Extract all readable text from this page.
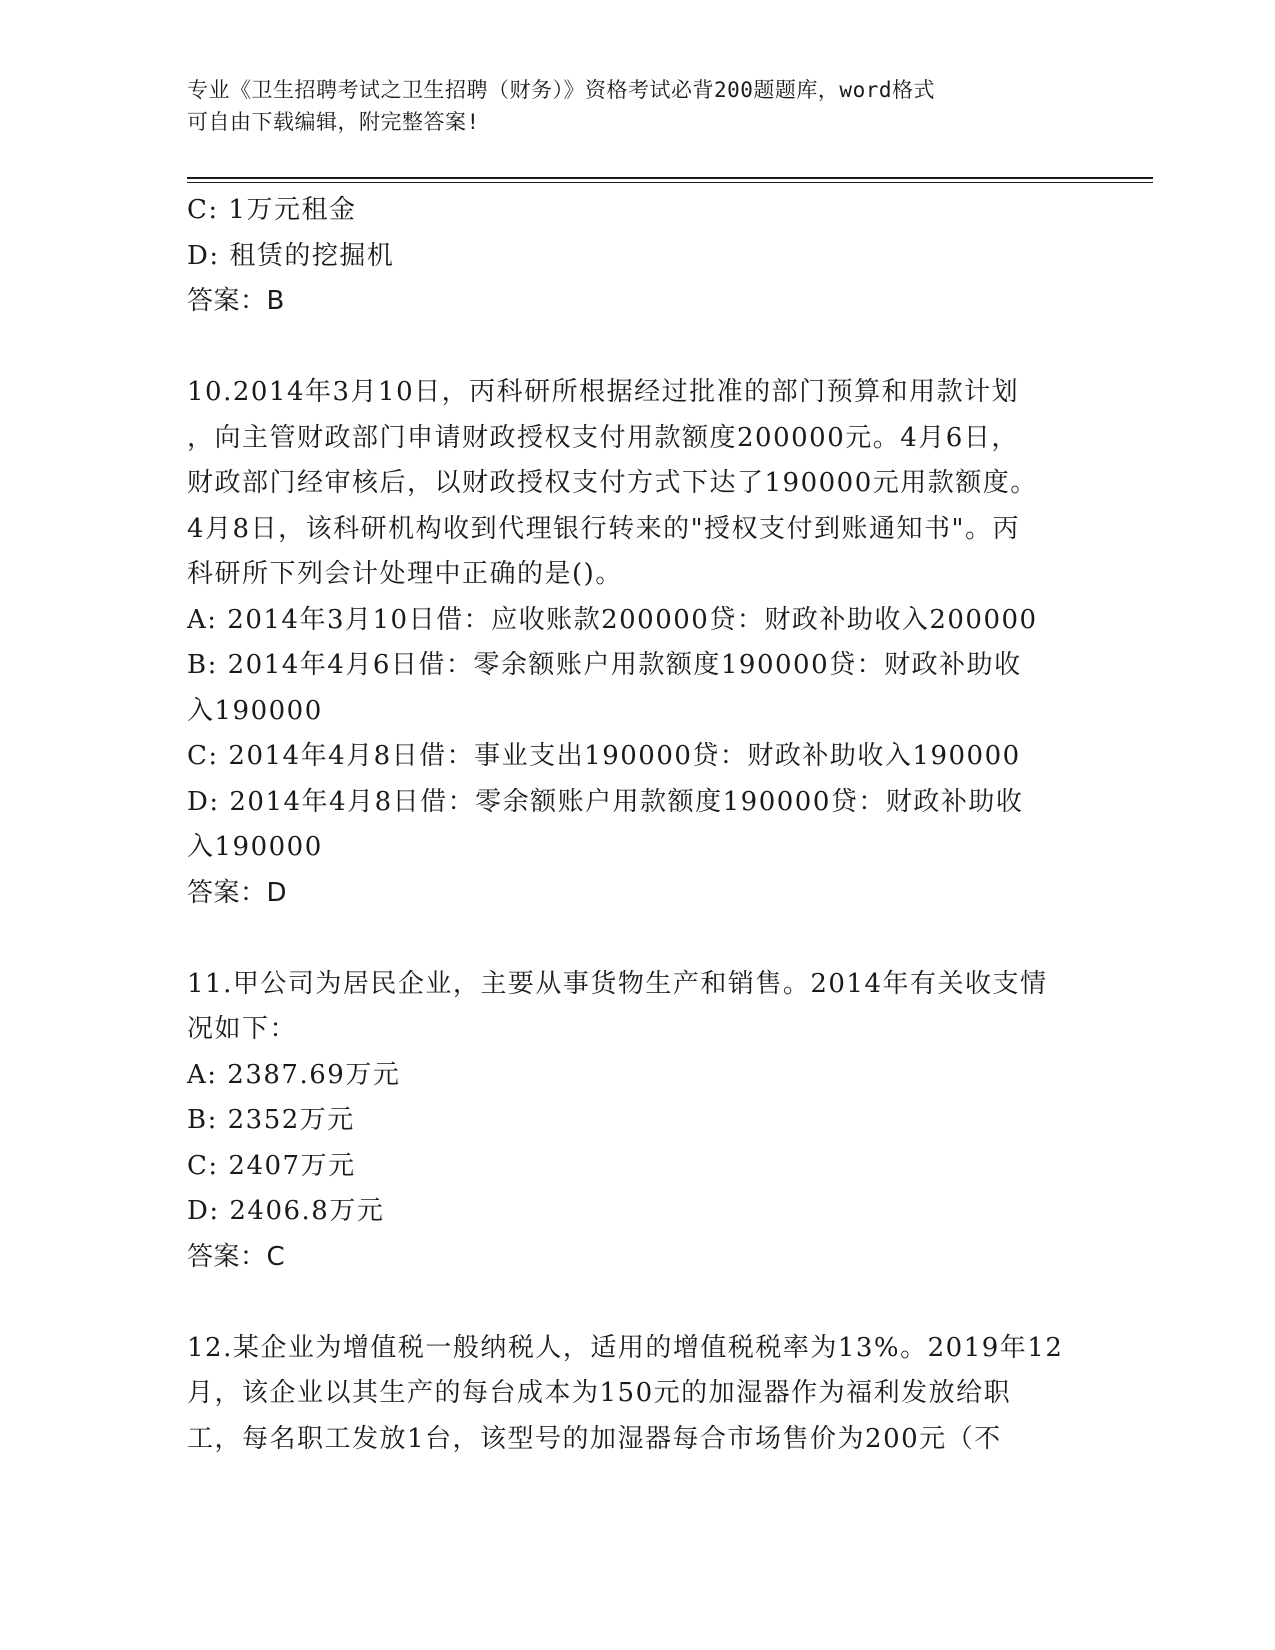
专业《卫生招聘考试之卫生招聘（财务）》资格考试必背200题题库，word格式
可自由下载编辑，附完整答案!
C: 1万元租金
D: 租赁的挖掘机
答案：B
10.2014年3月10日，丙科研所根据经过批准的部门预算和用款计划
，向主管财政部门申请财政授权支付用款额度200000元。4月6日，
财政部门经审核后，以财政授权支付方式下达了190000元用款额度。
4月8日，该科研机构收到代理银行转来的"授权支付到账通知书"。丙
科研所下列会计处理中正确的是()。
A: 2014年3月10日借：应收账款200000贷：财政补助收入200000
B: 2014年4月6日借：零余额账户用款额度190000贷：财政补助收
入190000
C: 2014年4月8日借：事业支出190000贷：财政补助收入190000
D: 2014年4月8日借：零余额账户用款额度190000贷：财政补助收
入190000
答案：D
11.甲公司为居民企业，主要从事货物生产和销售。2014年有关收支情
况如下：
A: 2387.69万元
B: 2352万元
C: 2407万元
D: 2406.8万元
答案：C
12.某企业为增值税一般纳税人，适用的增值税税率为13%。2019年12
月，该企业以其生产的每台成本为150元的加湿器作为福利发放给职
工，每名职工发放1台，该型号的加湿器每合市场售价为200元（不
